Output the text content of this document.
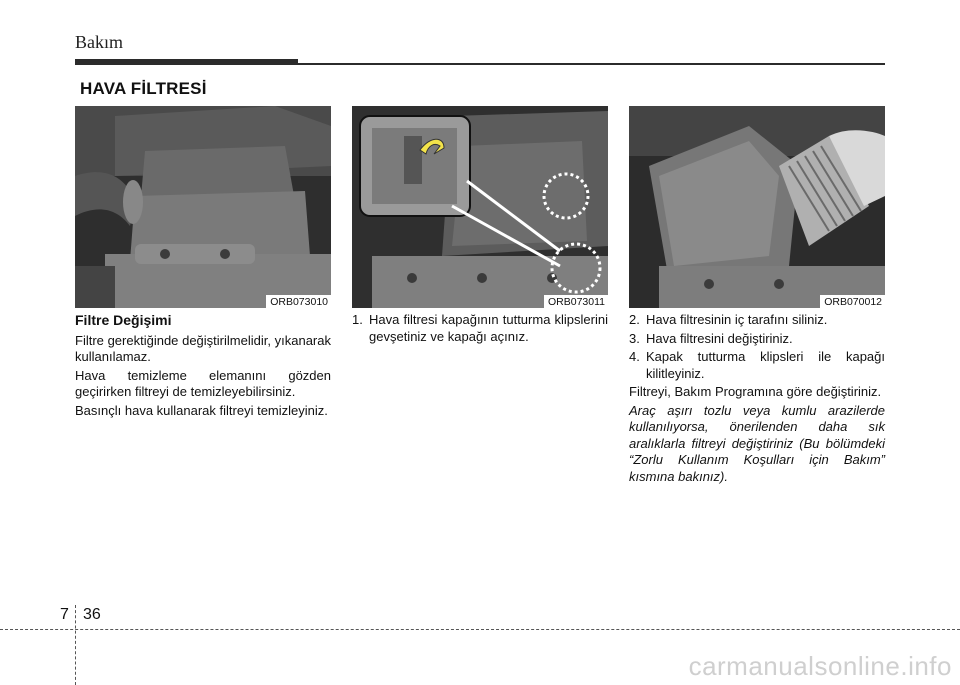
Bakım
HAVA FİLTRESİ
ORB073010	ORB073011	ORB070012
Filtre Değişimi

Filtre gerektiğinde değiştirilmelidir, yıkanarak kullanılamaz.

Hava temizleme elemanını gözden geçirirken filtreyi de temizleyebilirsiniz.

Basınçlı hava kullanarak filtreyi temizleyiniz.

1. Hava filtresi kapağının tutturma klipslerini gevşetiniz ve kapağı açınız.
2. Hava filtresinin iç tarafını siliniz.
3. Hava filtresini değiştiriniz.
4. Kapak tutturma klipsleri ile kapağı kilitleyiniz.

Filtreyi, Bakım Programına göre değiştiriniz.

Araç aşırı tozlu veya kumlu arazilerde kullanılıyorsa, önerilenden daha sık aralıklarla filtreyi değiştiriniz (Bu bölümdeki “Zorlu Kullanım Koşulları için Bakım” kısmına bakınız).

7 36
carmanualsonline.info
